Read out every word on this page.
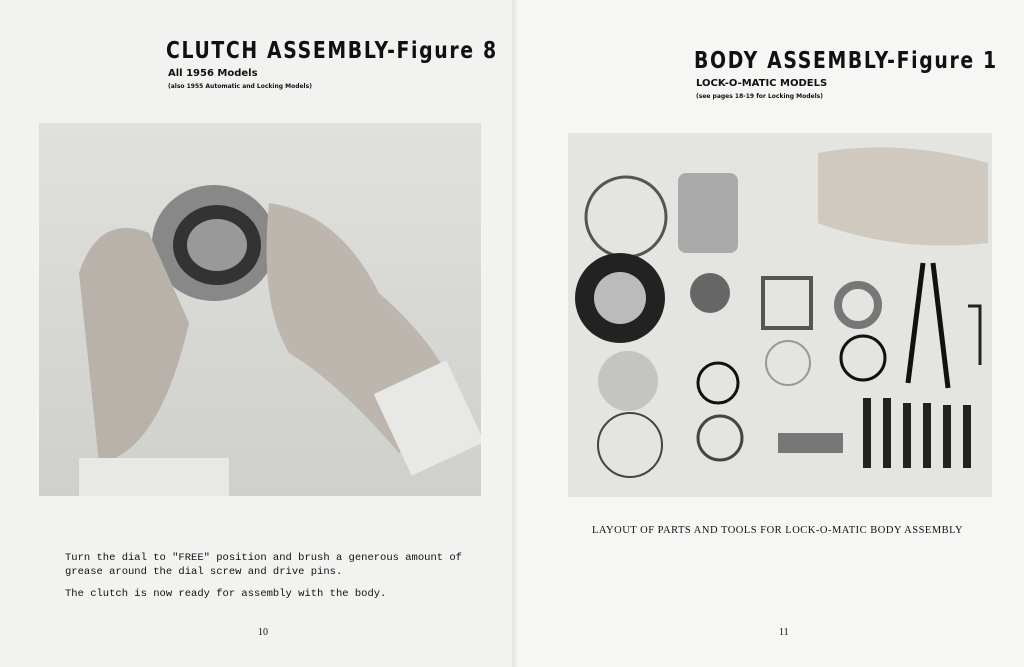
CLUTCH ASSEMBLY-Figure 8
All 1956 Models
(also 1955 Automatic and Locking Models)
Turn the dial to "FREE" position and brush a generous amount of grease around the dial screw and drive pins.
The clutch is now ready for assembly with the body.
10
BODY ASSEMBLY-Figure 1
LOCK-O-MATIC MODELS
(see pages 18-19 for Locking Models)
LAYOUT OF PARTS AND TOOLS FOR LOCK-O-MATIC BODY ASSEMBLY
11
